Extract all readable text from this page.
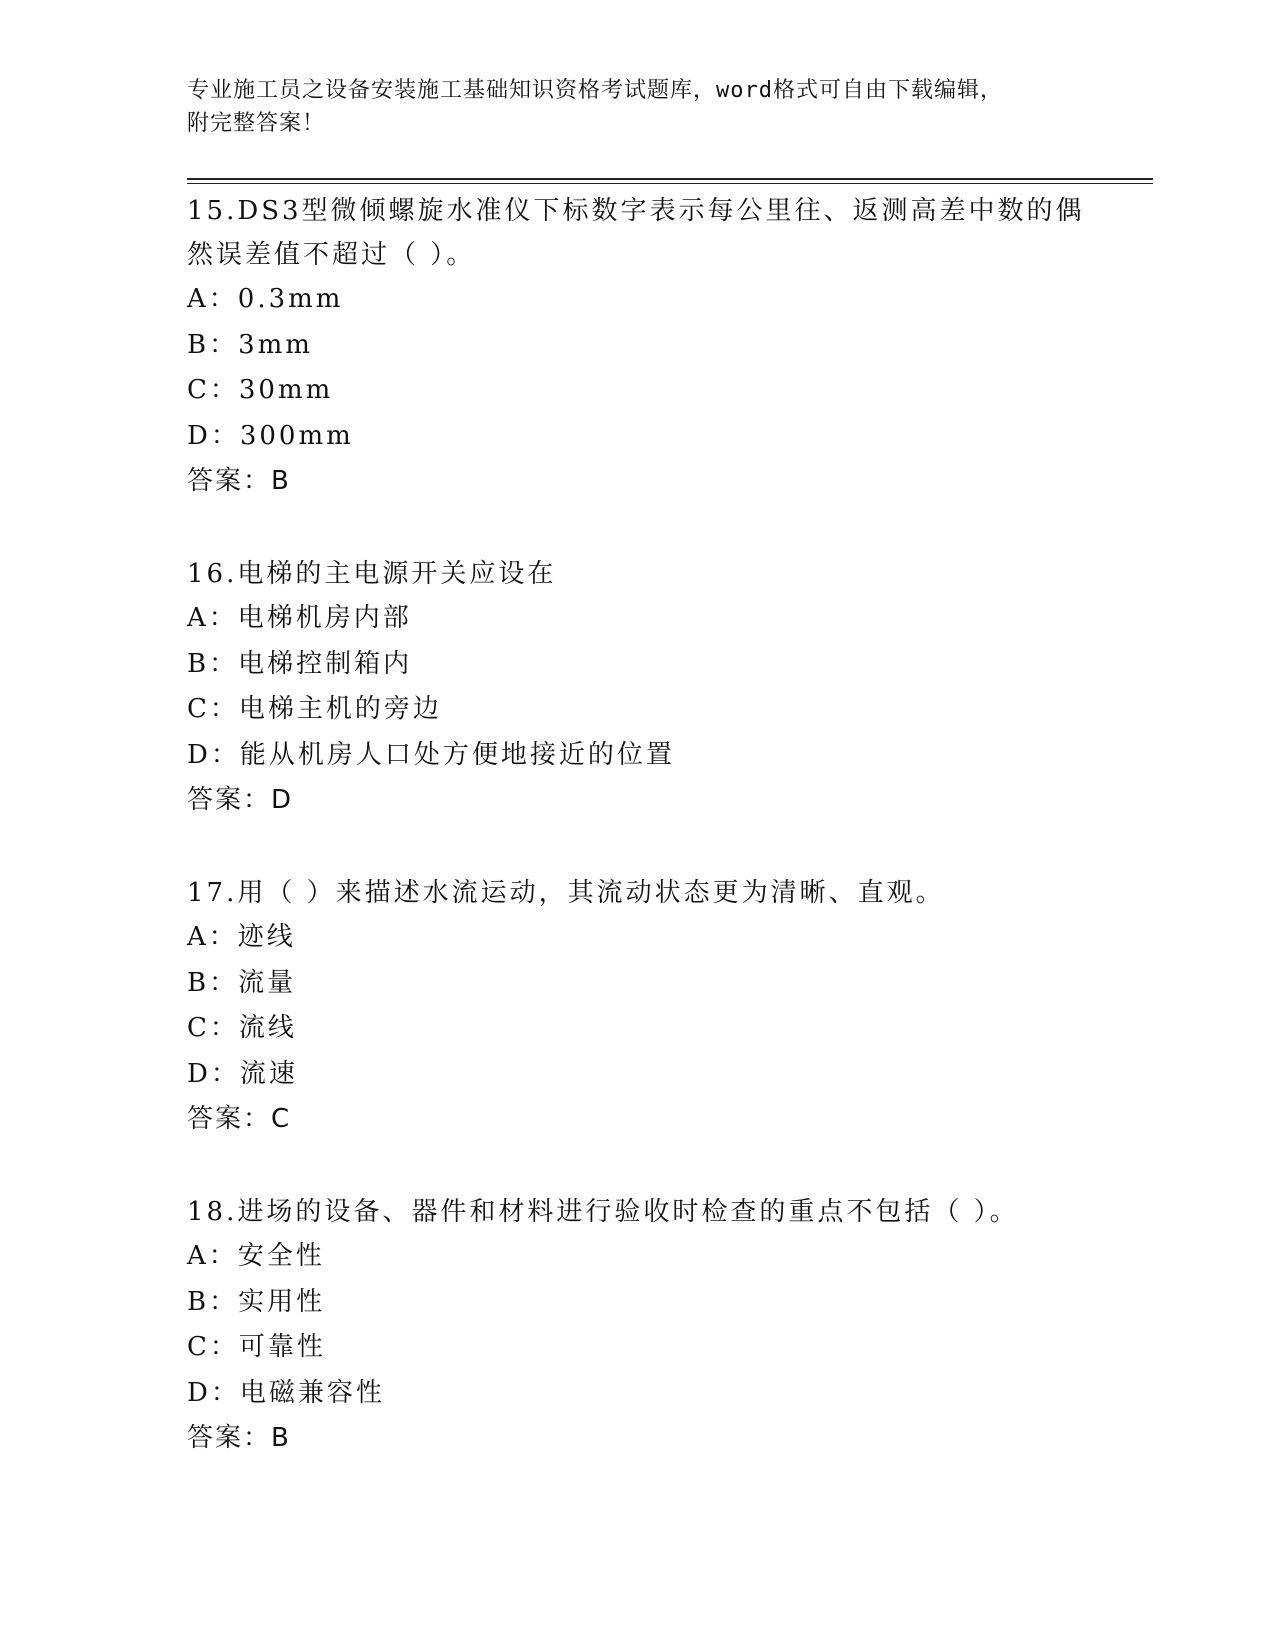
专业施工员之设备安装施工基础知识资格考试题库，word格式可自由下载编辑，
附完整答案！

15.DS3型微倾螺旋水准仪下标数字表示每公里往、返测高差中数的偶

然误差值不超过（ ）。

A：0.3mm

B：3mm

C：30mm

D：300mm

答案：B

16.电梯的主电源开关应设在

A：电梯机房内部

B：电梯控制箱内

C：电梯主机的旁边

D：能从机房人口处方便地接近的位置

答案：D

17.用（ ）来描述水流运动，其流动状态更为清晰、直观。

A：迹线

B：流量

C：流线

D：流速

答案：C

18.进场的设备、器件和材料进行验收时检查的重点不包括（ ）。

A：安全性

B：实用性

C：可靠性

D：电磁兼容性

答案：B
